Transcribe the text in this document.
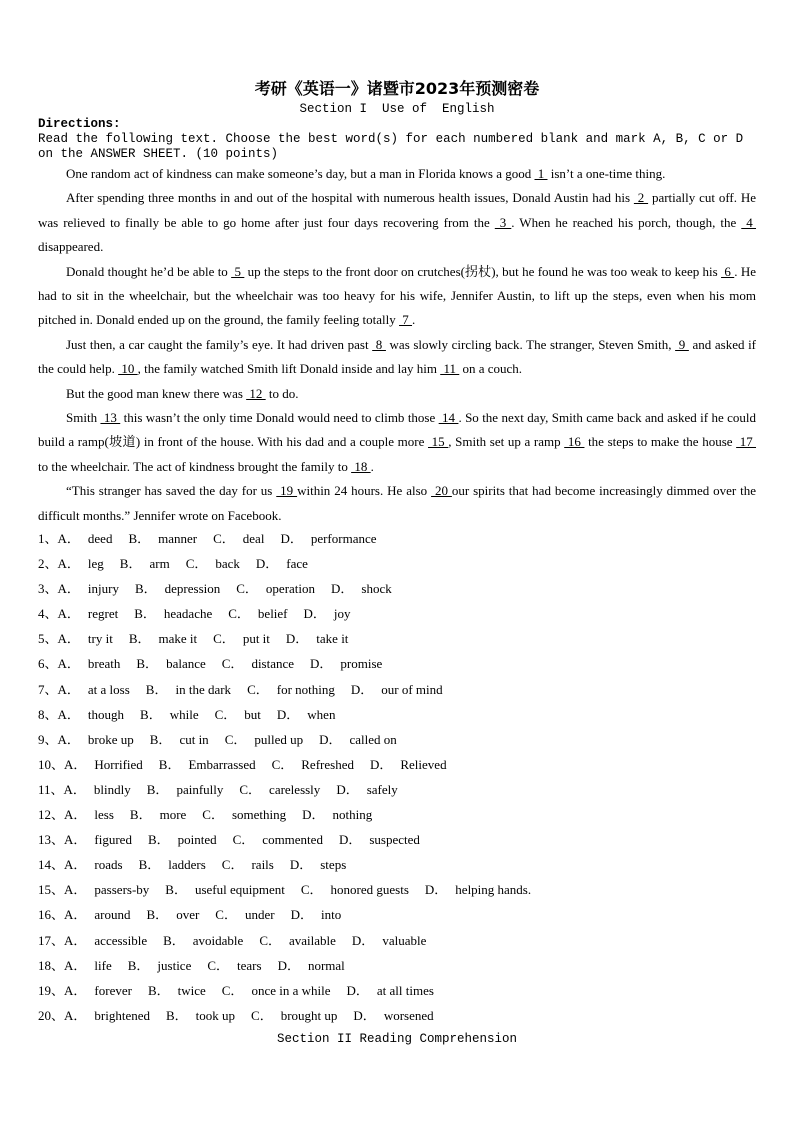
考研《英语一》诸暨市2023年预测密卷
Section I  Use of  English
Directions:
Read the following text. Choose the best word(s) for each numbered blank and mark A, B, C or D on the ANSWER SHEET. (10 points)

One random act of kindness can make someone’s day, but a man in Florida knows a good  1  isn’t a one-time thing.

After spending three months in and out of the hospital with numerous health issues, Donald Austin had his  2  partially cut off. He was relieved to finally be able to go home after just four days recovering from the  3 . When he reached his porch, though, the  4  disappeared.

Donald thought he’d be able to  5  up the steps to the front door on crutches(拐杖), but he found he was too weak to keep his  6 . He had to sit in the wheelchair, but the wheelchair was too heavy for his wife, Jennifer Austin, to lift up the steps, even when his mom pitched in. Donald ended up on the ground, the family feeling totally  7 .

Just then, a car caught the family’s eye. It had driven past  8  was slowly circling back. The stranger, Steven Smith,  9  and asked if the could help.  10 , the family watched Smith lift Donald inside and lay him  11  on a couch.

But the good man knew there was  12  to do.

Smith  13  this wasn’t the only time Donald would need to climb those  14 . So the next day, Smith came back and asked if he could build a ramp(坡道) in front of the house. With his dad and a couple more  15 , Smith set up a ramp  16  the steps to make the house  17  to the wheelchair. The act of kindness brought the family to  18 .

“This stranger has saved the day for us  19 within 24 hours. He also  20 our spirits that had become increasingly dimmed over the difficult months.” Jennifer wrote on Facebook.

1、A． deed B． manner C． deal D． performance
2、A． leg B． arm C． back D． face
3、A． injury B． depression C． operation D． shock
4、A． regret B． headache C． belief D． joy
5、A． try it B． make it C． put it D． take it
6、A． breath B． balance C． distance D． promise
7、A． at a loss B． in the dark C． for nothing D． our of mind
8、A． though B． while C． but D． when
9、A． broke up B． cut in C． pulled up D． called on
10、A． Horrified B． Embarrassed C． Refreshed D． Relieved
11、A． blindly B． painfully C． carelessly D． safely
12、A． less B． more C． something D． nothing
13、A． figured B． pointed C． commented D． suspected
14、A． roads B． ladders C． rails D． steps
15、A． passers-by B． useful equipment C． honored guests D． helping hands.
16、A． around B． over C． under D． into
17、A． accessible B． avoidable C． available D． valuable
18、A． life B． justice C． tears D． normal
19、A． forever B． twice C． once in a while D． at all times
20、A． brightened B． took up C． brought up D． worsened
Section II Reading Comprehension
